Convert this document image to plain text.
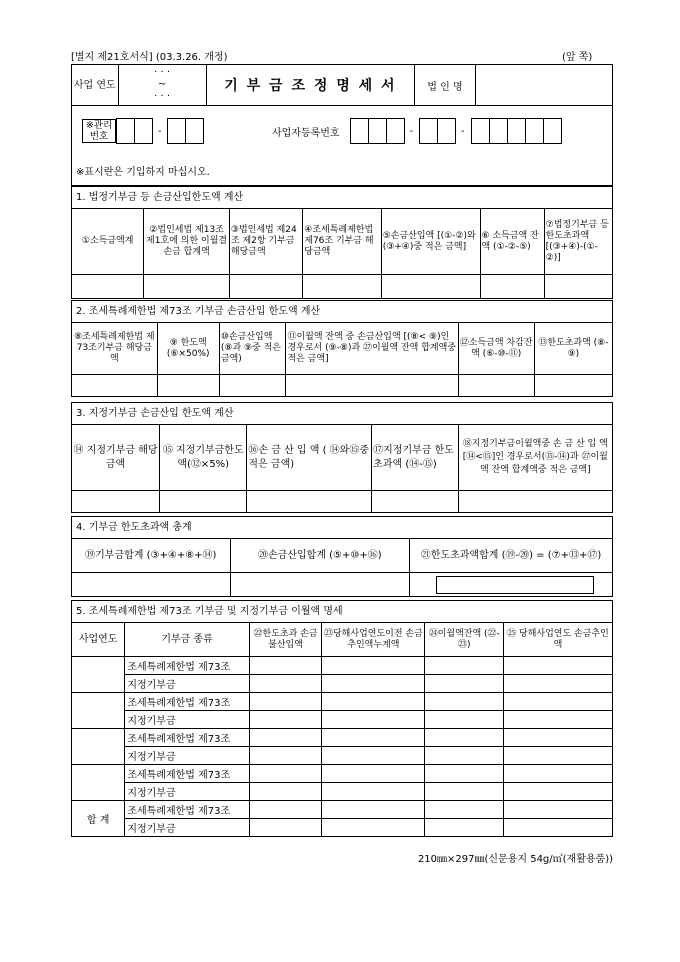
[별지 제21호서식] (03.3.26. 개정)	(앞 쪽)
사업 연도	
· · ·
~
· · ·
	기 부 금 조 정 명 세 서	법 인 명	
※관리 번호	-	사업자등록번호	-	-
※표시란은 기입하지 마십시오.
1. 법정기부금 등 손금산입한도액 계산
①소득금액계	②법인세법 제13조 제1호에 의한 이월결손금 합계액	③법인세법 제24조 제2항 기부금 해당금액	④조세특례제한법 제76조 기부금 해당금액	⑤손금산입액 [(①-②)와 (③+④)중 적은 금액]	⑥ 소득금액 잔액 (①-②-⑤)	⑦법정기부금 등한도초과액 [(③+④)-(①-②)]

2. 조세특례제한법 제73조 기부금 손금산입 한도액 계산
⑧조세특례제한법 제73조기부금 해당금액	⑨ 한도액 (⑥×50%)	⑩손금산입액 (⑧과 ⑨중 적은금액)	⑪이월액 잔액 중 손금산입액 [(⑧< ⑨)인 경우로서 (⑨-⑧)과 ㉗이월액 잔액 합계액중 적은 금액]	⑫소득금액 차감잔액 (⑥-⑩-⑪)	⑬한도초과액 (⑧-⑨)

3. 지정기부금 손금산입 한도액 계산
⑭ 지정기부금 해당금액	⑮ 지정기부금한도액(⑫×5%)	⑯손 금 산 입 액 ( ⑭와⑮중 적은 금액)	⑰지정기부금 한도초과액 (⑭-⑮)	⑱지정기부금이월액중 손 금 산 입 액[⑭<⑮]인 경우로서(⑮-⑭)과 ㉗이월액 잔액 합계액중 적은 금액]

4. 기부금 한도초과액 총계
⑲기부금합계 (③+④+⑧+⑭)	⑳손금산입합계 (⑤+⑩+⑯)	㉑한도초과액합계 (⑲-⑳) = (⑦+⑬+⑰)

5. 조세특례제한법 제73조 기부금 및 지정기부금 이월액 명세
사업연도	기부금 종류	㉒한도초과 손금불산입액	㉓당해사업연도이전 손금추인액누계액	㉔이월액잔액 (㉒-㉓)	㉕ 당해사업연도 손금추인액
	조세특례제한법 제73조				
	지정기부금				
	조세특례제한법 제73조				
	지정기부금				
	조세특례제한법 제73조				
	지정기부금				
	조세특례제한법 제73조				
	지정기부금				
합 계	조세특례제한법 제73조				
	지정기부금				
210㎜×297㎜(신문용지 54g/㎡(재활용품))
